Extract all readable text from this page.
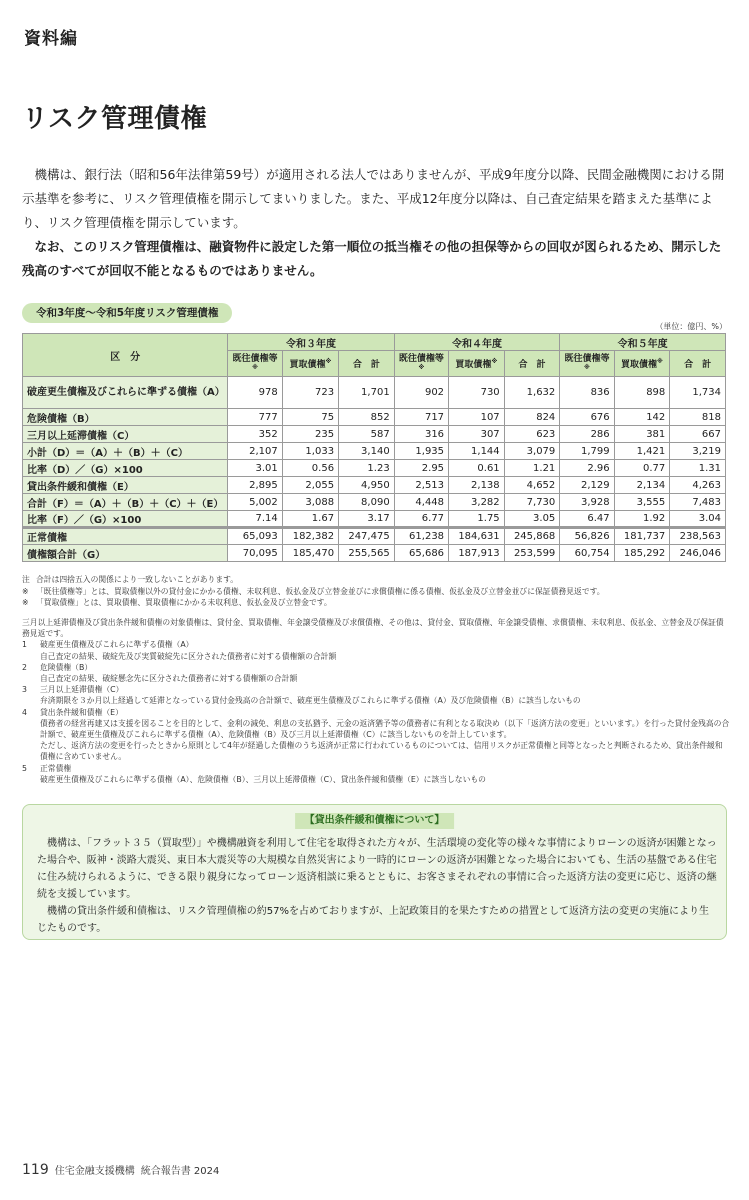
資料編
リスク管理債権

機構は、銀行法（昭和56年法律第59号）が適用される法人ではありませんが、平成9年度分以降、民間金融機関における開示基準を参考に、リスク管理債権を開示してまいりました。また、平成12年度分以降は、自己査定結果を踏まえた基準により、リスク管理債権を開示しています。

なお、このリスク管理債権は、融資物件に設定した第一順位の抵当権その他の担保等からの回収が図られるため、開示した残高のすべてが回収不能となるものではありません。

令和3年度～令和5年度リスク管理債権
（単位：億円、%）
区　分	令和３年度			令和４年度			令和５年度		
	既往債権等※	買取債権※	合　計	既往債権等※	買取債権※	合　計	既往債権等※	買取債権※	合　計
破産更生債権及びこれらに準ずる債権（A）	978	723	1,701	902	730	1,632	836	898	1,734
危険債権（B）	777	75	852	717	107	824	676	142	818
三月以上延滞債権（C）	352	235	587	316	307	623	286	381	667
小計（D）＝（A）＋（B）＋（C）	2,107	1,033	3,140	1,935	1,144	3,079	1,799	1,421	3,219
比率（D）／（G）×100	3.01	0.56	1.23	2.95	0.61	1.21	2.96	0.77	1.31
貸出条件緩和債権（E）	2,895	2,055	4,950	2,513	2,138	4,652	2,129	2,134	4,263
合計（F）＝（A）＋（B）＋（C）＋（E）	5,002	3,088	8,090	4,448	3,282	7,730	3,928	3,555	7,483
比率（F）／（G）×100	7.14	1.67	3.17	6.77	1.75	3.05	6.47	1.92	3.04
正常債権	65,093	182,382	247,475	61,238	184,631	245,868	56,826	181,737	238,563
債権額合計（G）	70,095	185,470	255,565	65,686	187,913	253,599	60,754	185,292	246,046
注 合計は四捨五入の関係により一致しないことがあります。
※ 「既往債権等」とは、買取債権以外の貸付金にかかる債権、未収利息、仮払金及び立替金並びに求償債権に係る債権、仮払金及び立替金並びに保証債務見返です。
※ 「買取債権」とは、買取債権、買取債権にかかる未収利息、仮払金及び立替金です。
三月以上延滞債権及び貸出条件緩和債権の対象債権は、貸付金、買取債権、年金譲受債権及び求償債権、その他は、貸付金、買取債権、年金譲受債権、求償債権、未収利息、仮払金、立替金及び保証債務見返です。
1	破産更生債権及びこれらに準ずる債権（A）
自己査定の結果、破綻先及び実質破綻先に区分された債務者に対する債権額の合計額
2	危険債権（B）
自己査定の結果、破綻懸念先に区分された債務者に対する債権額の合計額
3	三月以上延滞債権（C）
弁済期限を３か月以上経過して延滞となっている貸付金残高の合計額で、破産更生債権及びこれらに準ずる債権（A）及び危険債権（B）に該当しないもの
4	貸出条件緩和債権（E）
債務者の経営再建又は支援を図ることを目的として、金利の減免、利息の支払猶予、元金の返済猶予等の債務者に有利となる取決め（以下「返済方法の変更」といいます。）を行った貸付金残高の合計額で、破産更生債権及びこれらに準ずる債権（A）、危険債権（B）及び三月以上延滞債権（C）に該当しないものを計上しています。
ただし、返済方法の変更を行ったときから原則として4年が経過した債権のうち返済が正常に行われているものについては、信用リスクが正常債権と同等となったと判断されるため、貸出条件緩和債権に含めていません。
5	正常債権
破産更生債権及びこれらに準ずる債権（A）、危険債権（B）、三月以上延滞債権（C）、貸出条件緩和債権（E）に該当しないもの
【貸出条件緩和債権について】

機構は、「フラット３５（買取型）」や機構融資を利用して住宅を取得された方々が、生活環境の変化等の様々な事情によりローンの返済が困難となった場合や、阪神・淡路大震災、東日本大震災等の大規模な自然災害により一時的にローンの返済が困難となった場合においても、生活の基盤である住宅に住み続けられるように、できる限り親身になってローン返済相談に乗るとともに、お客さまそれぞれの事情に合った返済方法の変更に応じ、返済の継続を支援しています。

機構の貸出条件緩和債権は、リスク管理債権の約57%を占めておりますが、上記政策目的を果たすための措置として返済方法の変更の実施により生じたものです。

119 住宅金融支援機構 統合報告書 2024
